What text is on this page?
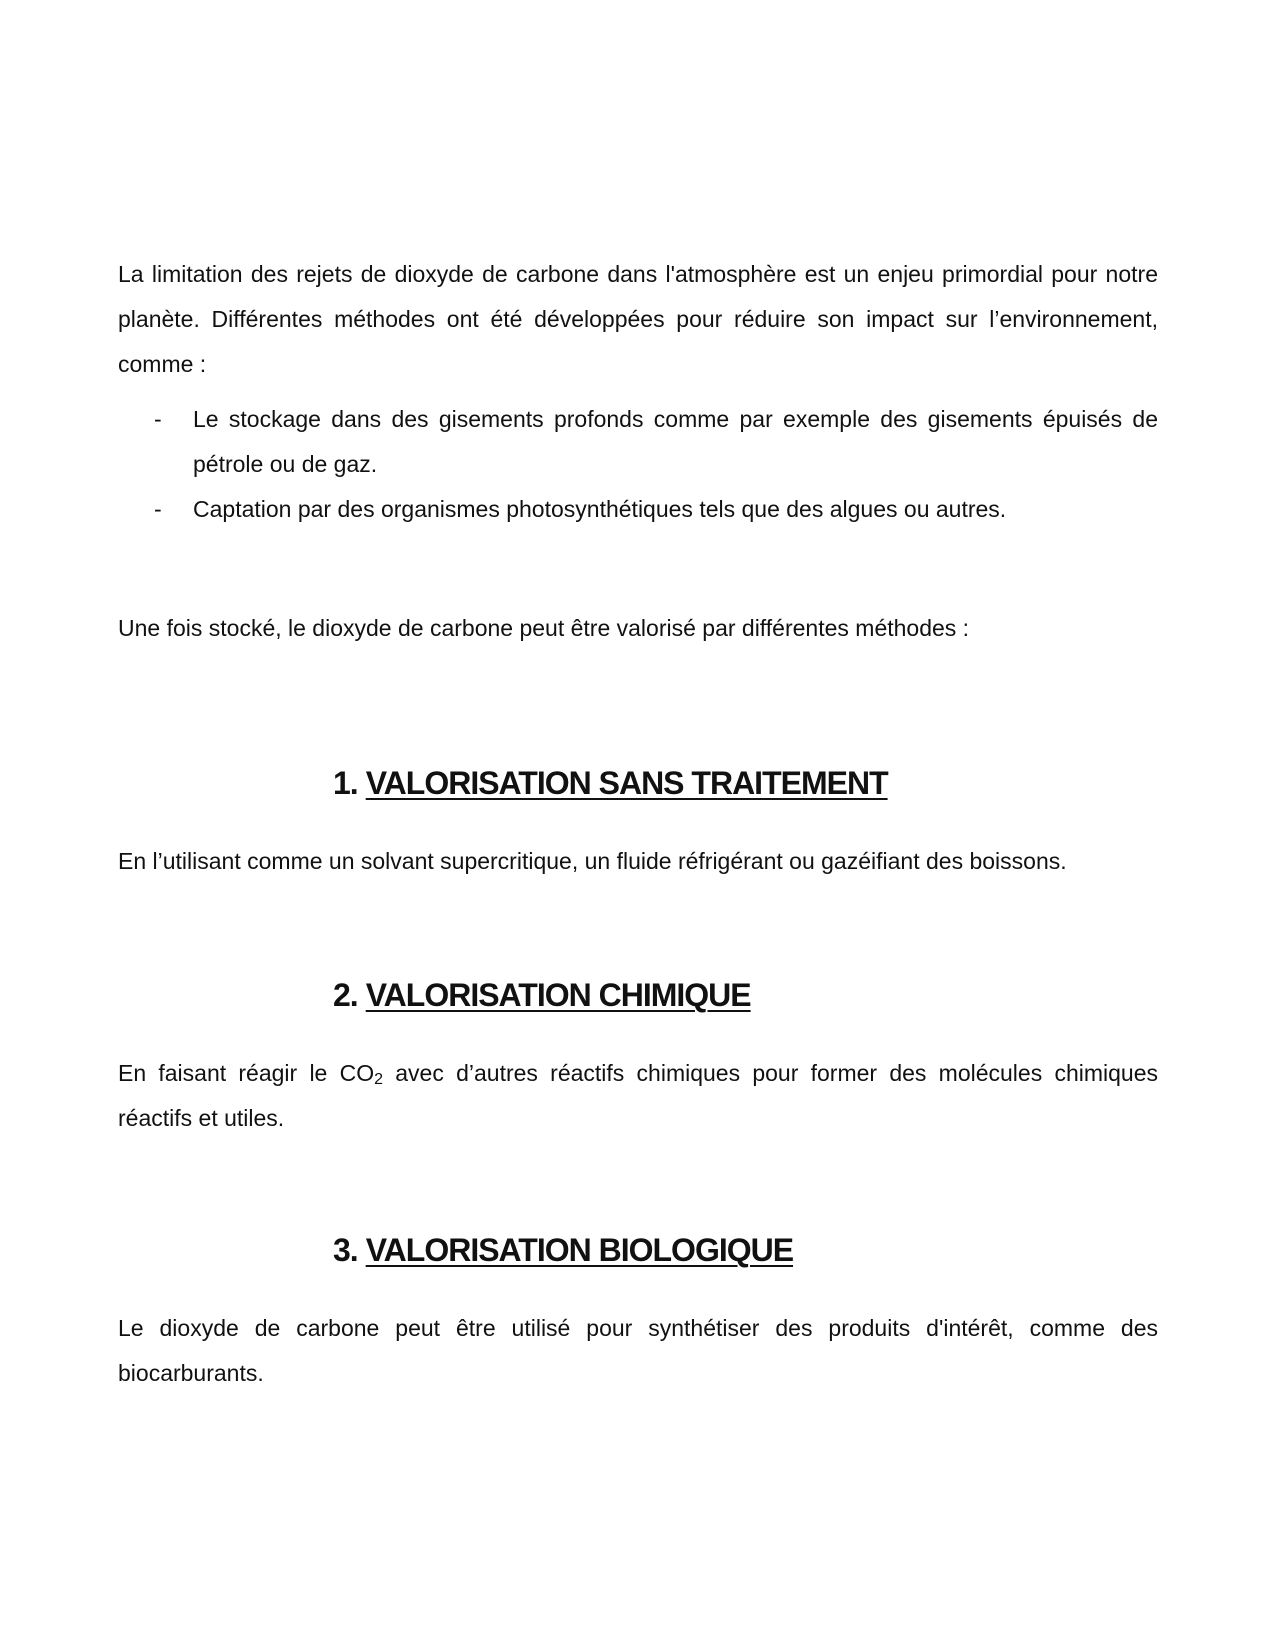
La limitation des rejets de dioxyde de carbone dans l'atmosphère est un enjeu primordial pour notre planète. Différentes méthodes ont été développées pour réduire son impact sur l’environnement, comme :

- Le stockage dans des gisements profonds comme par exemple des gisements épuisés de pétrole ou de gaz.
- Captation par des organismes photosynthétiques tels que des algues ou autres.

Une fois stocké, le dioxyde de carbone peut être valorisé par différentes méthodes :

1. VALORISATION SANS TRAITEMENT

En l’utilisant comme un solvant supercritique, un fluide réfrigérant ou gazéifiant des boissons.

2. VALORISATION CHIMIQUE

En faisant réagir le $CO_2$ avec d’autres réactifs chimiques pour former des molécules chimiques réactifs et utiles.

3. VALORISATION BIOLOGIQUE

Le dioxyde de carbone peut être utilisé pour synthétiser des produits d'intérêt, comme des biocarburants.
